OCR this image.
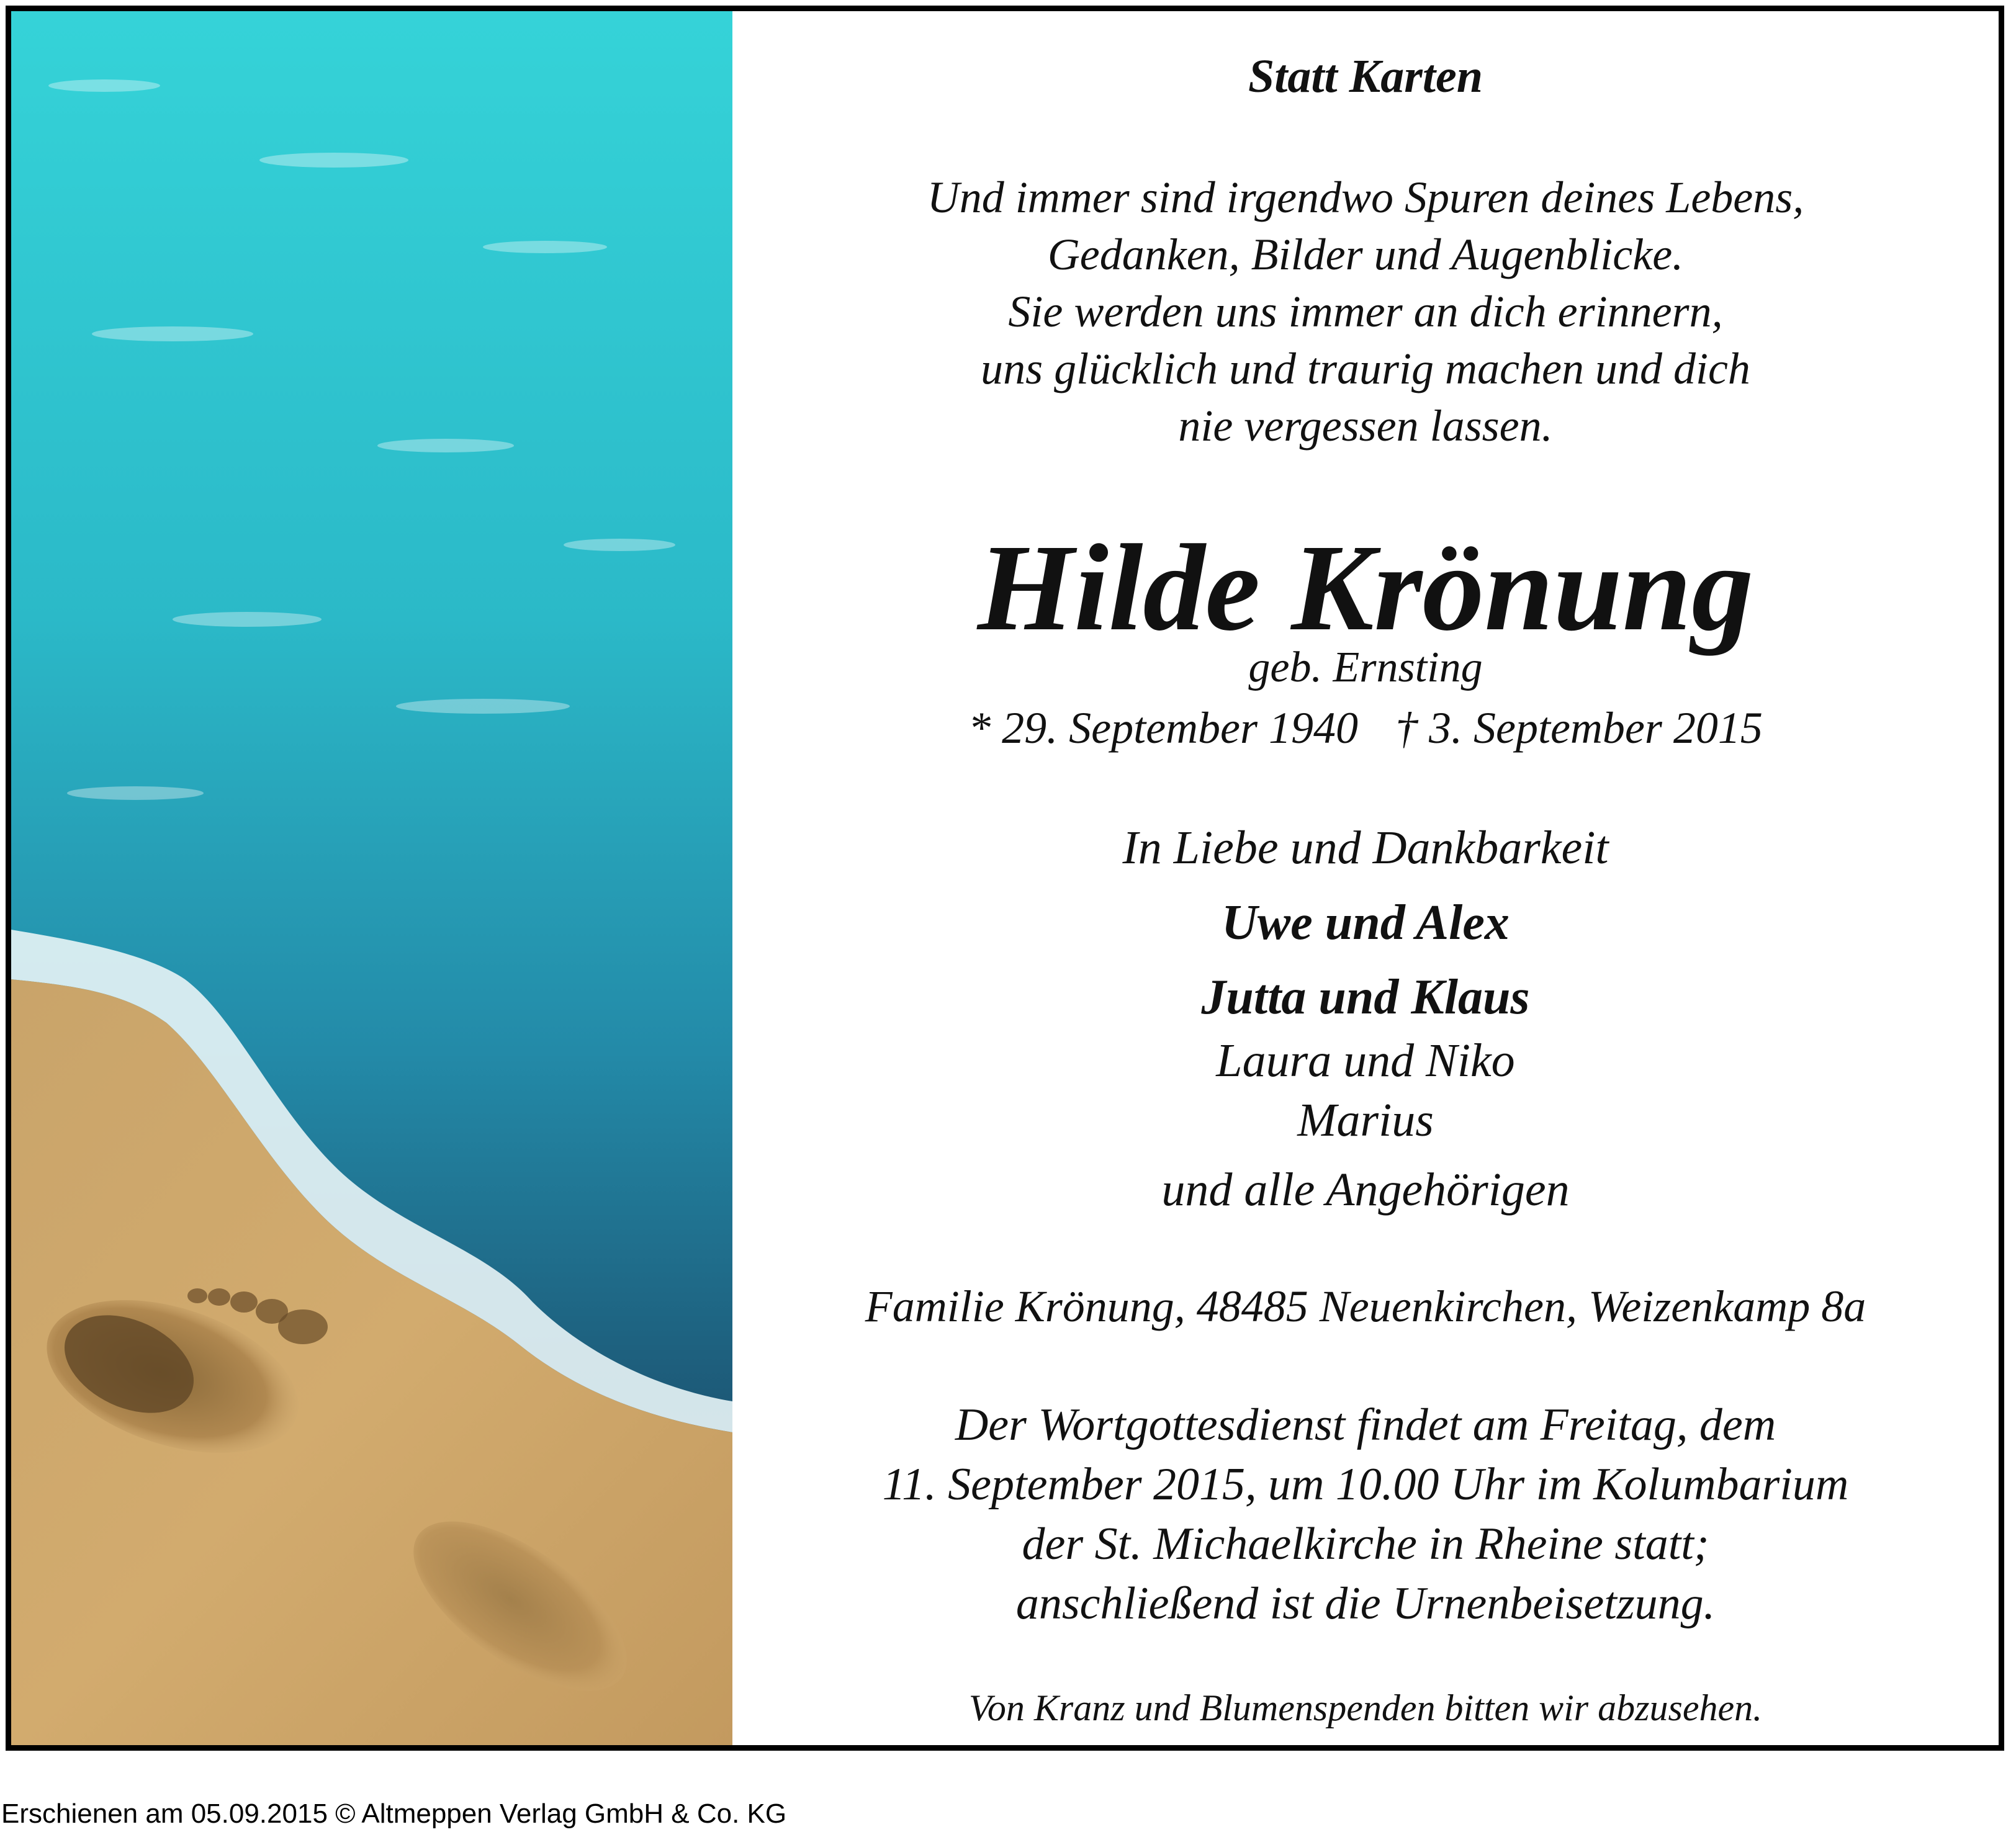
Statt Karten
Und immer sind irgendwo Spuren deines Lebens,
Gedanken, Bilder und Augenblicke.
Sie werden uns immer an dich erinnern,
uns glücklich und traurig machen und dich
nie vergessen lassen.
Hilde Krönung
geb. Ernsting
* 29. September 1940 † 3. September 2015
In Liebe und Dankbarkeit
Uwe und Alex
Jutta und Klaus
Laura und Niko
Marius
und alle Angehörigen
Familie Krönung, 48485 Neuenkirchen, Weizenkamp 8a
Der Wortgottesdienst findet am Freitag, dem
11. September 2015, um 10.00 Uhr im Kolumbarium
der St. Michaelkirche in Rheine statt;
anschließend ist die Urnenbeisetzung.
Von Kranz und Blumenspenden bitten wir abzusehen.
Erschienen am 05.09.2015 © Altmeppen Verlag GmbH & Co. KG
